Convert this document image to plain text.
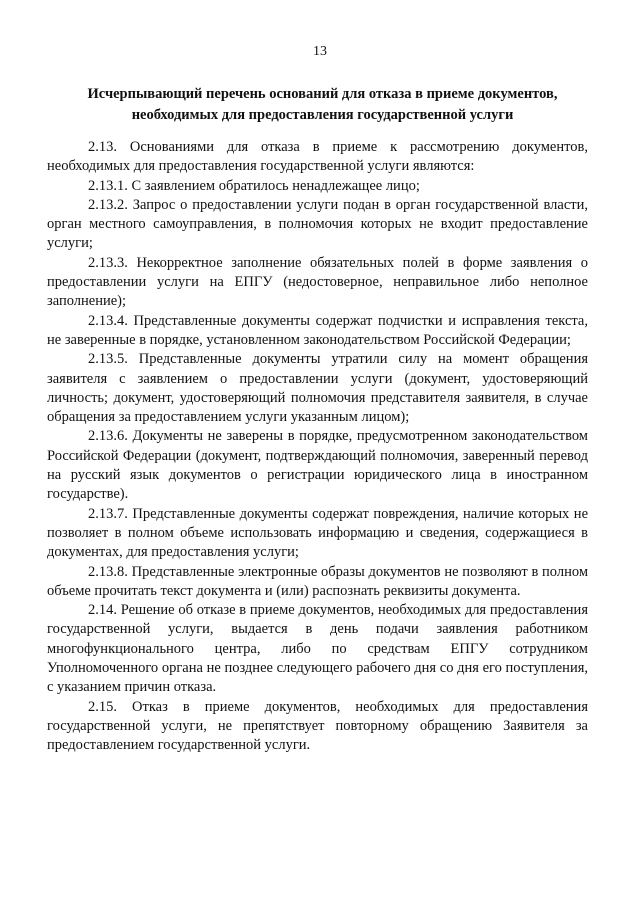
13
Исчерпывающий перечень оснований для отказа в приеме документов, необходимых для предоставления государственной услуги

2.13. Основаниями для отказа в приеме к рассмотрению документов, необходимых для предоставления государственной услуги являются:

2.13.1. С заявлением обратилось ненадлежащее лицо;

2.13.2. Запрос о предоставлении услуги подан в орган государственной власти, орган местного самоуправления, в полномочия которых не входит предоставление услуги;

2.13.3. Некорректное заполнение обязательных полей в форме заявления о предоставлении услуги на ЕПГУ (недостоверное, неправильное либо неполное заполнение);

2.13.4. Представленные документы содержат подчистки и исправления текста, не заверенные в порядке, установленном законодательством Российской Федерации;

2.13.5. Представленные документы утратили силу на момент обращения заявителя с заявлением о предоставлении услуги (документ, удостоверяющий личность; документ, удостоверяющий полномочия представителя заявителя, в случае обращения за предоставлением услуги указанным лицом);

2.13.6. Документы не заверены в порядке, предусмотренном законодательством Российской Федерации (документ, подтверждающий полномочия, заверенный перевод на русский язык документов о регистрации юридического лица в иностранном государстве).

2.13.7. Представленные документы содержат повреждения, наличие которых не позволяет в полном объеме использовать информацию и сведения, содержащиеся в документах, для предоставления услуги;

2.13.8. Представленные электронные образы документов не позволяют в полном объеме прочитать текст документа и (или) распознать реквизиты документа.

2.14. Решение об отказе в приеме документов, необходимых для предоставления государственной услуги, выдается в день подачи заявления работником многофункционального центра, либо по средствам ЕПГУ сотрудником Уполномоченного органа не позднее следующего рабочего дня со дня его поступления, с указанием причин отказа.

2.15. Отказ в приеме документов, необходимых для предоставления государственной услуги, не препятствует повторному обращению Заявителя за предоставлением государственной услуги.
